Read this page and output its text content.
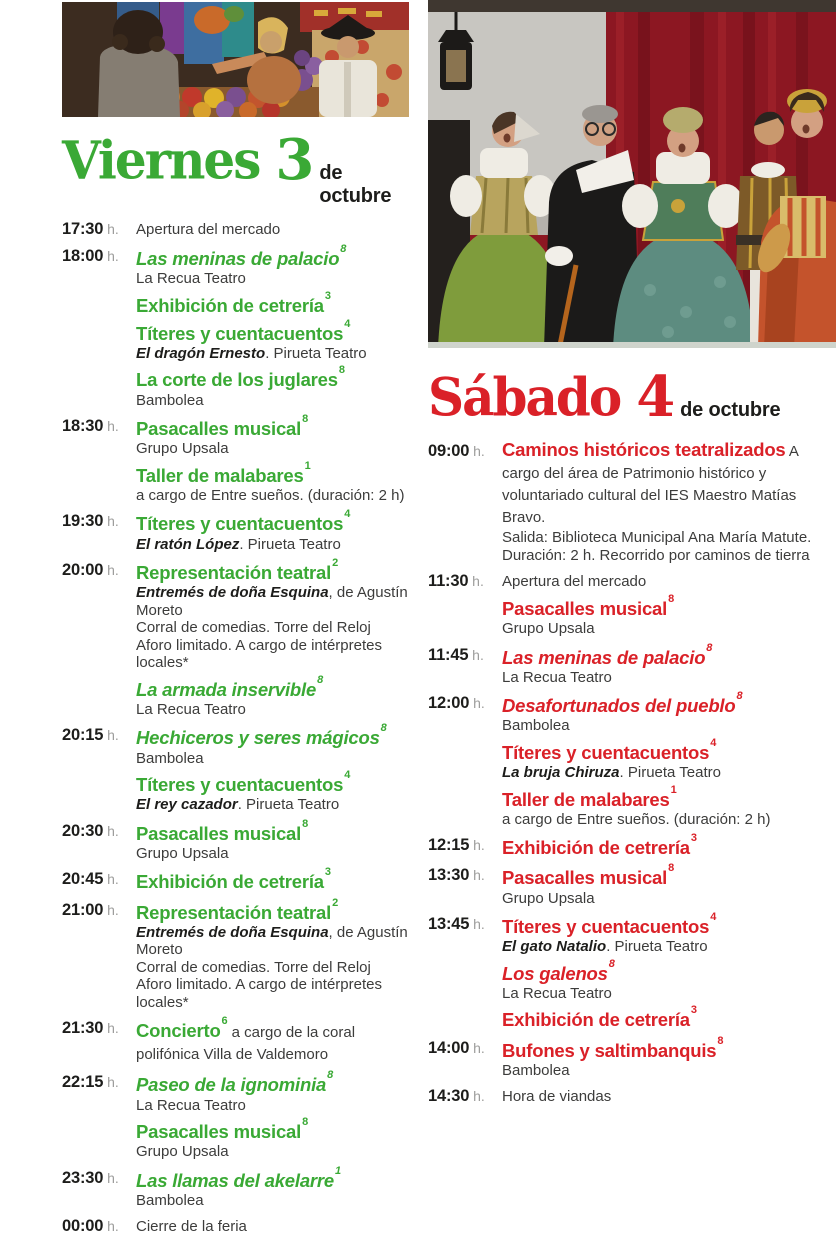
Viernes 3 de octubre
17:30 h.	Apertura del mercado
18:00 h. Las meninas de palacio$^8$
La Recua Teatro
Exhibición de cetrería$^3$
Títeres y cuentacuentos$^4$
El dragón Ernesto. Pirueta Teatro
La corte de los juglares$^8$
Bambolea
18:30 h. Pasacalles musical$^8$
Grupo Upsala
Taller de malabares$^1$
a cargo de Entre sueños. (duración: 2 h)
19:30 h. Títeres y cuentacuentos$^4$
El ratón López. Pirueta Teatro
20:00 h. Representación teatral$^2$
Entremés de doña Esquina, de Agustín Moreto
Corral de comedias. Torre del Reloj
Aforo limitado. A cargo de intérpretes locales*
La armada inservible$^8$
La Recua Teatro
20:15 h. Hechiceros y seres mágicos$^8$
Bambolea
Títeres y cuentacuentos$^4$
El rey cazador. Pirueta Teatro
20:30 h. Pasacalles musical$^8$
Grupo Upsala
20:45 h. Exhibición de cetrería$^3$
21:00 h. Representación teatral$^2$
Entremés de doña Esquina, de Agustín Moreto
Corral de comedias. Torre del Reloj
Aforo limitado. A cargo de intérpretes locales*
21:30 h. Concierto$^6$ a cargo de la coral polifónica Villa de Valdemoro
22:15 h. Paseo de la ignominia$^8$
La Recua Teatro
Pasacalles musical$^8$
Grupo Upsala
23:30 h. Las llamas del akelarre$^1$
Bambolea
00:00 h.	Cierre de la feria
Sábado 4 de octubre
09:00 h. Caminos históricos teatralizados A cargo del área de Patrimonio histórico y voluntariado cultural del IES Maestro Matías Bravo.
Salida: Biblioteca Municipal Ana María Matute.
Duración: 2 h. Recorrido por caminos de tierra
11:30 h.	Apertura del mercado
Pasacalles musical$^8$
Grupo Upsala
11:45 h. Las meninas de palacio$^8$
La Recua Teatro
12:00 h. Desafortunados del pueblo$^8$
Bambolea
Títeres y cuentacuentos$^4$
La bruja Chiruza. Pirueta Teatro
Taller de malabares$^1$
a cargo de Entre sueños. (duración: 2 h)
12:15 h. Exhibición de cetrería$^3$
13:30 h. Pasacalles musical$^8$
Grupo Upsala
13:45 h. Títeres y cuentacuentos$^4$
El gato Natalio. Pirueta Teatro
Los galenos$^8$
La Recua Teatro
Exhibición de cetrería$^3$
14:00 h. Bufones y saltimbanquis$^8$
Bambolea
14:30 h.	Hora de viandas
